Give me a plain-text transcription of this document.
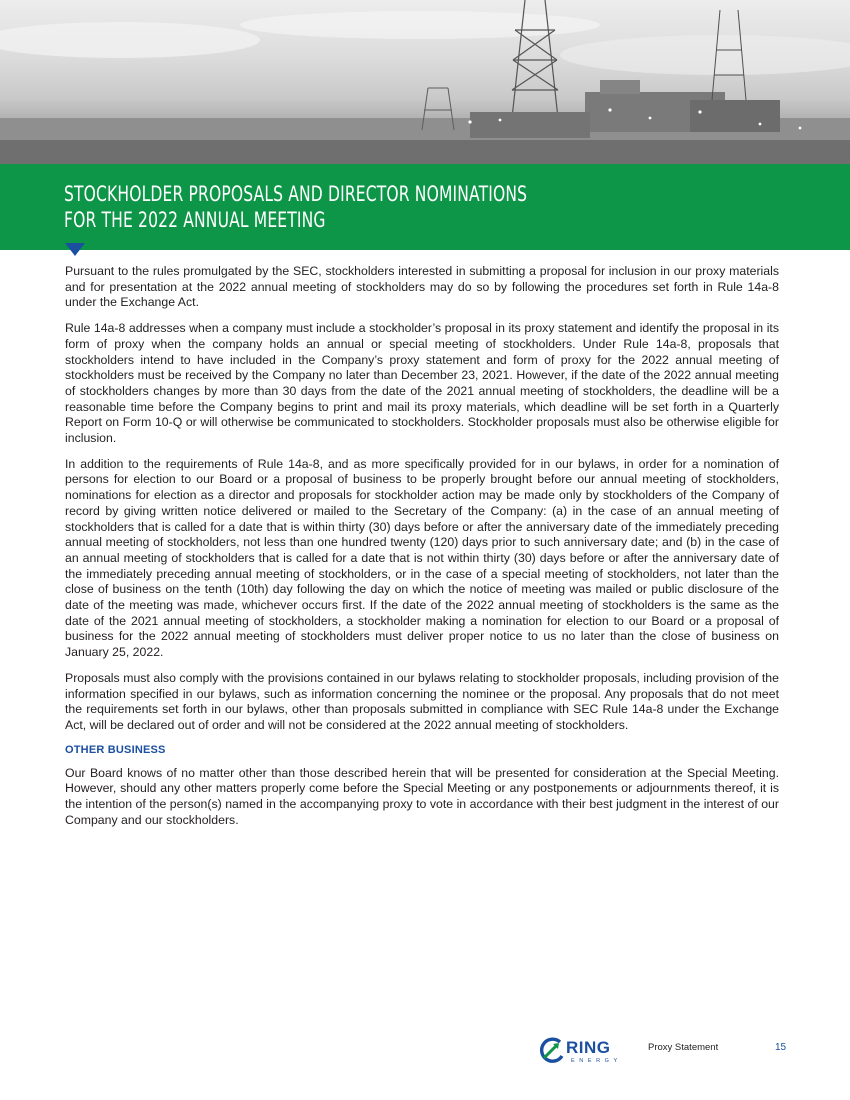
STOCKHOLDER PROPOSALS AND DIRECTOR NOMINATIONS
FOR THE 2022 ANNUAL MEETING

Pursuant to the rules promulgated by the SEC, stockholders interested in submitting a proposal for inclusion in our proxy materials and for presentation at the 2022 annual meeting of stockholders may do so by following the procedures set forth in Rule 14a-8 under the Exchange Act.

Rule 14a-8 addresses when a company must include a stockholder’s proposal in its proxy statement and identify the proposal in its form of proxy when the company holds an annual or special meeting of stockholders. Under Rule 14a-8, proposals that stockholders intend to have included in the Company’s proxy statement and form of proxy for the 2022 annual meeting of stockholders must be received by the Company no later than December 23, 2021. However, if the date of the 2022 annual meeting of stockholders changes by more than 30 days from the date of the 2021 annual meeting of stockholders, the deadline will be a reasonable time before the Company begins to print and mail its proxy materials, which deadline will be set forth in a Quarterly Report on Form 10-Q or will otherwise be communicated to stockholders. Stockholder proposals must also be otherwise eligible for inclusion.

In addition to the requirements of Rule 14a-8, and as more specifically provided for in our bylaws, in order for a nomination of persons for election to our Board or a proposal of business to be properly brought before our annual meeting of stockholders, nominations for election as a director and proposals for stockholder action may be made only by stockholders of the Company of record by giving written notice delivered or mailed to the Secretary of the Company: (a) in the case of an annual meeting of stockholders that is called for a date that is within thirty (30) days before or after the anniversary date of the immediately preceding annual meeting of stockholders, not less than one hundred twenty (120) days prior to such anniversary date; and (b) in the case of an annual meeting of stockholders that is called for a date that is not within thirty (30) days before or after the anniversary date of the immediately preceding annual meeting of stockholders, or in the case of a special meeting of stockholders, not later than the close of business on the tenth (10th) day following the day on which the notice of meeting was mailed or public disclosure of the date of the meeting was made, whichever occurs first. If the date of the 2022 annual meeting of stockholders is the same as the date of the 2021 annual meeting of stockholders, a stockholder making a nomination for election to our Board or a proposal of business for the 2022 annual meeting of stockholders must deliver proper notice to us no later than the close of business on January 25, 2022.

Proposals must also comply with the provisions contained in our bylaws relating to stockholder proposals, including provision of the information specified in our bylaws, such as information concerning the nominee or the proposal. Any proposals that do not meet the requirements set forth in our bylaws, other than proposals submitted in compliance with SEC Rule 14a-8 under the Exchange Act, will be declared out of order and will not be considered at the 2022 annual meeting of stockholders.

OTHER BUSINESS

Our Board knows of no matter other than those described herein that will be presented for consideration at the Special Meeting. However, should any other matters properly come before the Special Meeting or any postponements or adjournments thereof, it is the intention of the person(s) named in the accompanying proxy to vote in accordance with their best judgment in the interest of our Company and our stockholders.

RING
ENERGY
Proxy Statement	15
